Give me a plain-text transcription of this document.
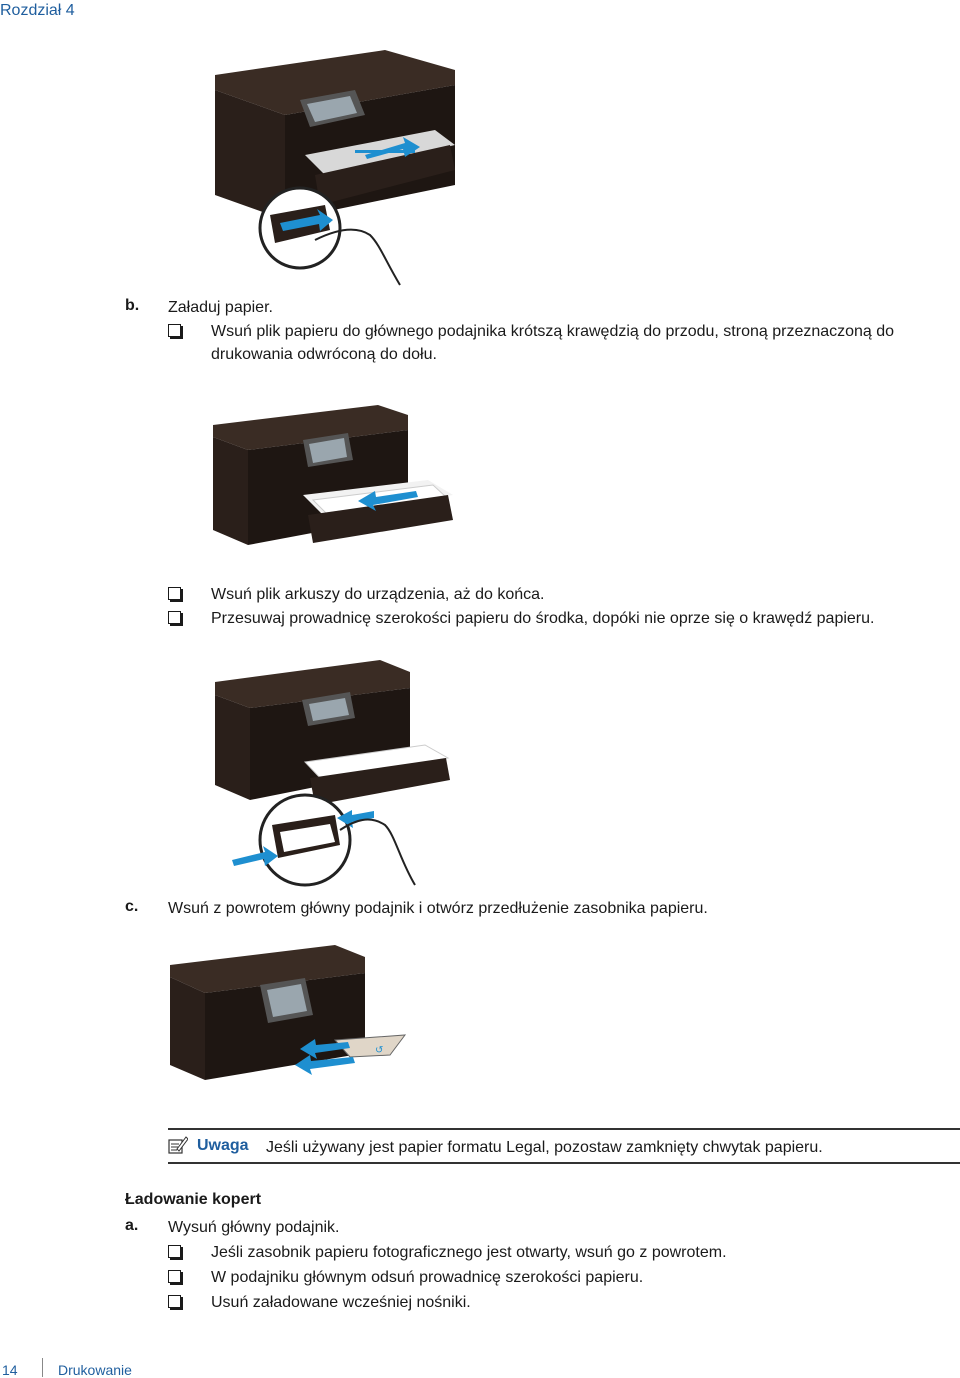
Rozdział 4
b. Załaduj papier.
Wsuń plik papieru do głównego podajnika krótszą krawędzią do przodu, stroną przeznaczoną do
drukowania odwróconą do dołu.
Wsuń plik arkuszy do urządzenia, aż do końca.
Przesuwaj prowadnicę szerokości papieru do środka, dopóki nie oprze się o krawędź papieru.
c. Wsuń z powrotem główny podajnik i otwórz przedłużenie zasobnika papieru.
↺
Uwaga Jeśli używany jest papier formatu Legal, pozostaw zamknięty chwytak papieru.
Ładowanie kopert
a. Wysuń główny podajnik.
Jeśli zasobnik papieru fotograficznego jest otwarty, wsuń go z powrotem.
W podajniku głównym odsuń prowadnicę szerokości papieru.
Usuń załadowane wcześniej nośniki.
14	Drukowanie
